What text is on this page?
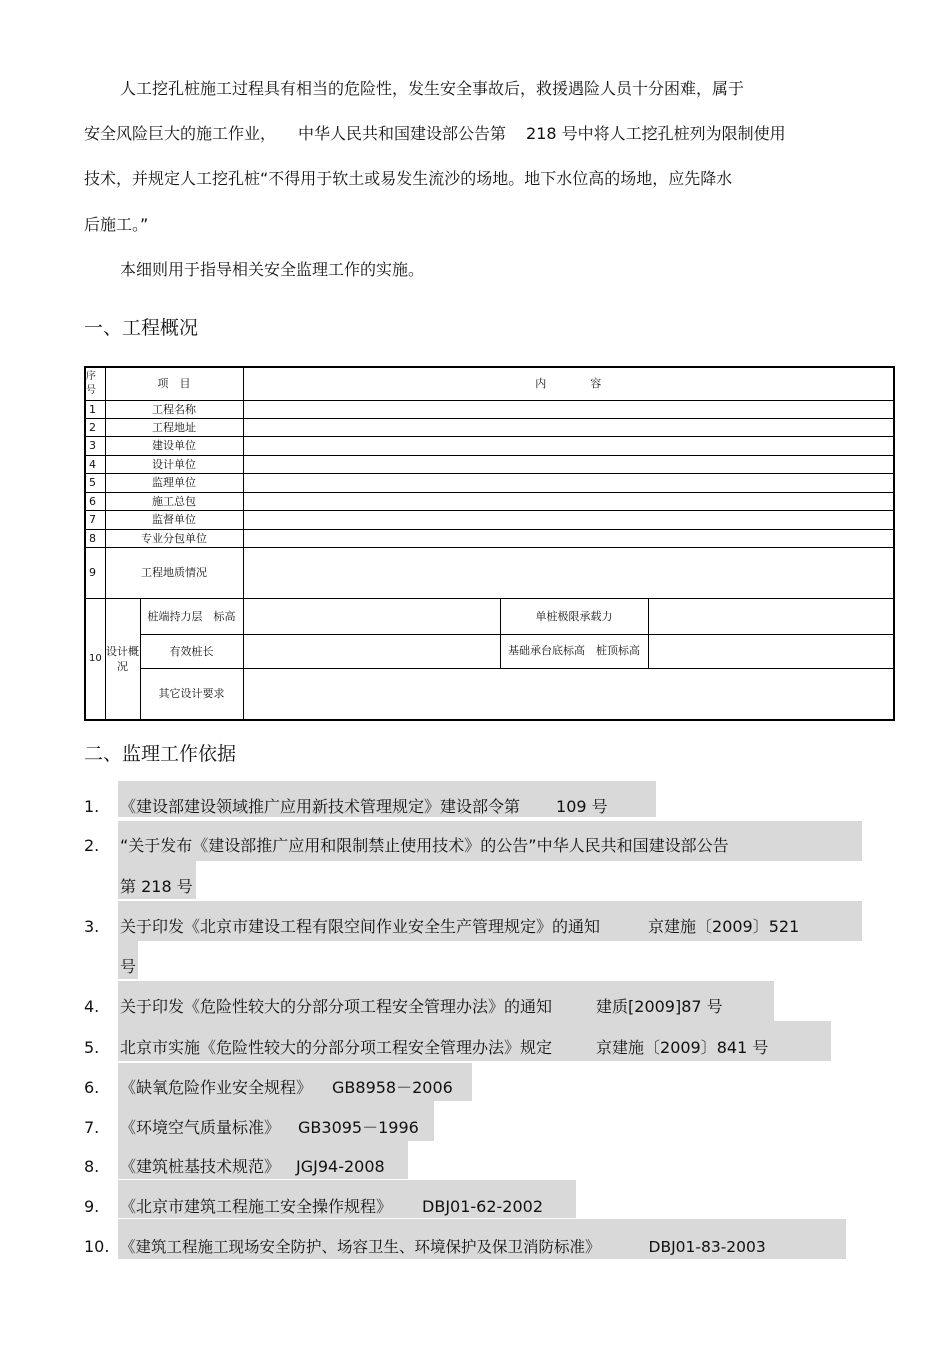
人工挖孔桩施工过程具有相当的危险性，发生安全事故后，救援遇险人员十分困难，属于
安全风险巨大的施工作业， 中华人民共和国建设部公告第 218 号中将人工挖孔桩列为限制使用
技术，并规定人工挖孔桩“不得用于软土或易发生流沙的场地。地下水位高的场地，应先降水
后施工。”
本细则用于指导相关安全监理工作的实施。
一、工程概况
序号	项　目		内　　　　容		
1	工程名称				
2	工程地址				
3	建设单位				
4	设计单位				
5	监理单位				
6	施工总包				
7	监督单位				
8	专业分包单位				
9	工程地质情况				
10	设计概况	桩端持力层　标高		单桩极限承载力	
		有效桩长		基础承台底标高　桩顶标高	
		其它设计要求			
二、监理工作依据
1. 《建设部建设领域推广应用新技术管理规定》建设部令第 109 号
2. “关于发布《建设部推广应用和限制禁止使用技术》的公告”中华人民共和国建设部公告
第 218 号
3. 关于印发《北京市建设工程有限空间作业安全生产管理规定》的通知	京建施〔2009〕521
号
4. 关于印发《危险性较大的分部分项工程安全管理办法》的通知	建质[2009]87 号
5. 北京市实施《危险性较大的分部分项工程安全管理办法》规定	京建施〔2009〕841 号
6. 《缺氧危险作业安全规程》 GB8958－2006
7. 《环境空气质量标准》 GB3095－1996
8. 《建筑桩基技术规范》 JGJ94-2008
9. 《北京市建筑工程施工安全操作规程》 DBJ01-62-2002
10. 《建筑工程施工现场安全防护、场容卫生、环境保护及保卫消防标准》	DBJ01-83-2003
